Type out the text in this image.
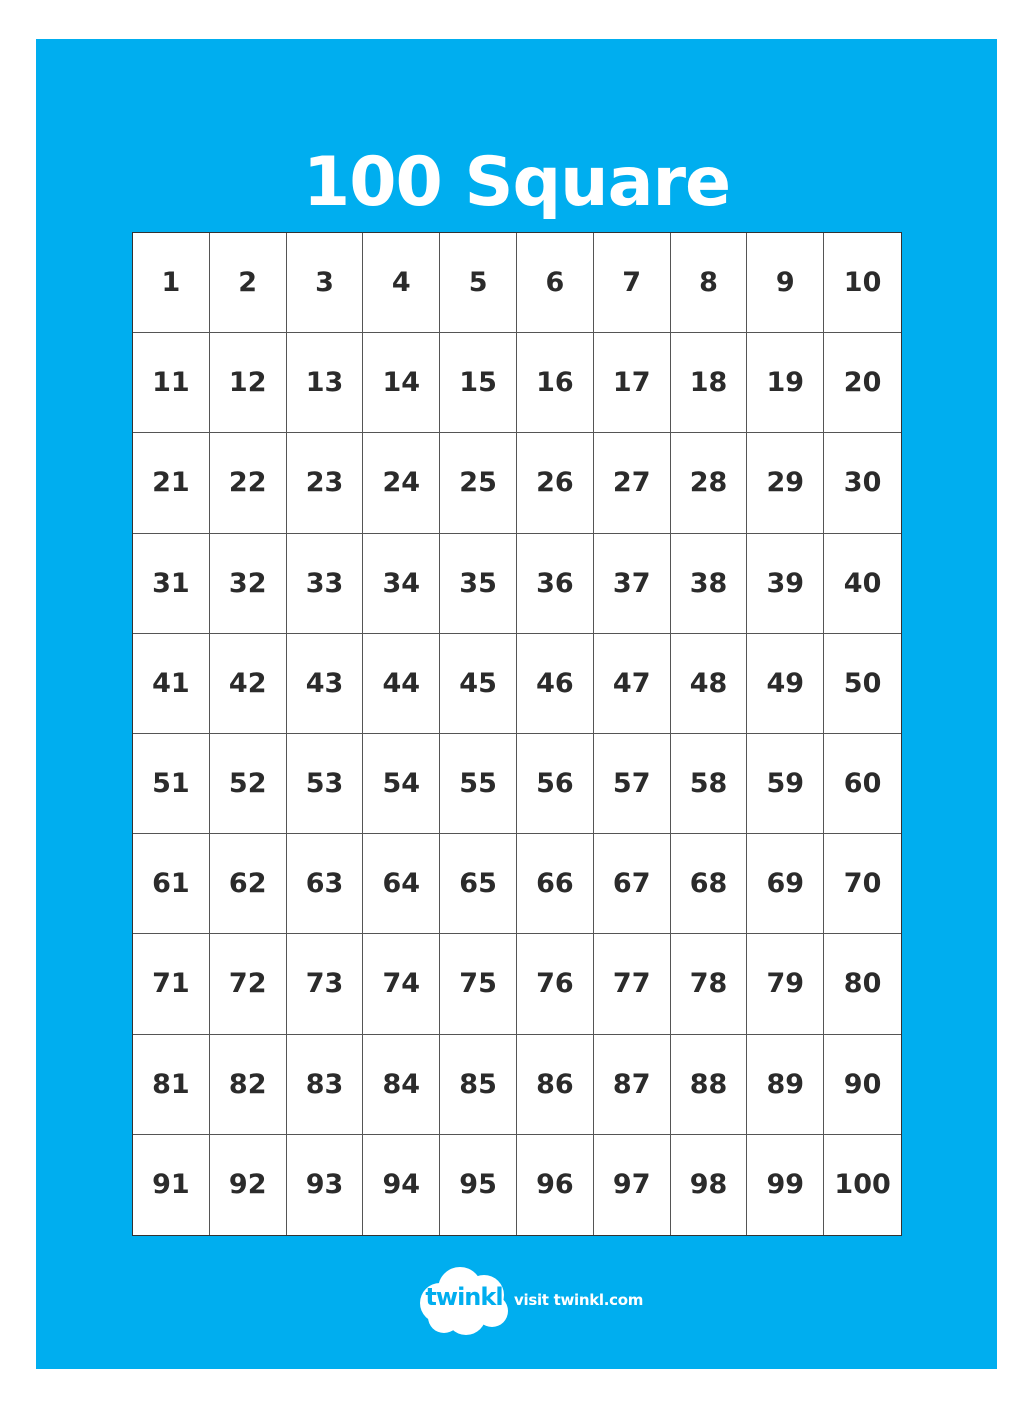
100 Square
1	2	3	4	5	6	7	8	9	10
11	12	13	14	15	16	17	18	19	20
21	22	23	24	25	26	27	28	29	30
31	32	33	34	35	36	37	38	39	40
41	42	43	44	45	46	47	48	49	50
51	52	53	54	55	56	57	58	59	60
61	62	63	64	65	66	67	68	69	70
71	72	73	74	75	76	77	78	79	80
81	82	83	84	85	86	87	88	89	90
91	92	93	94	95	96	97	98	99	100
twinkl visit twinkl.com
